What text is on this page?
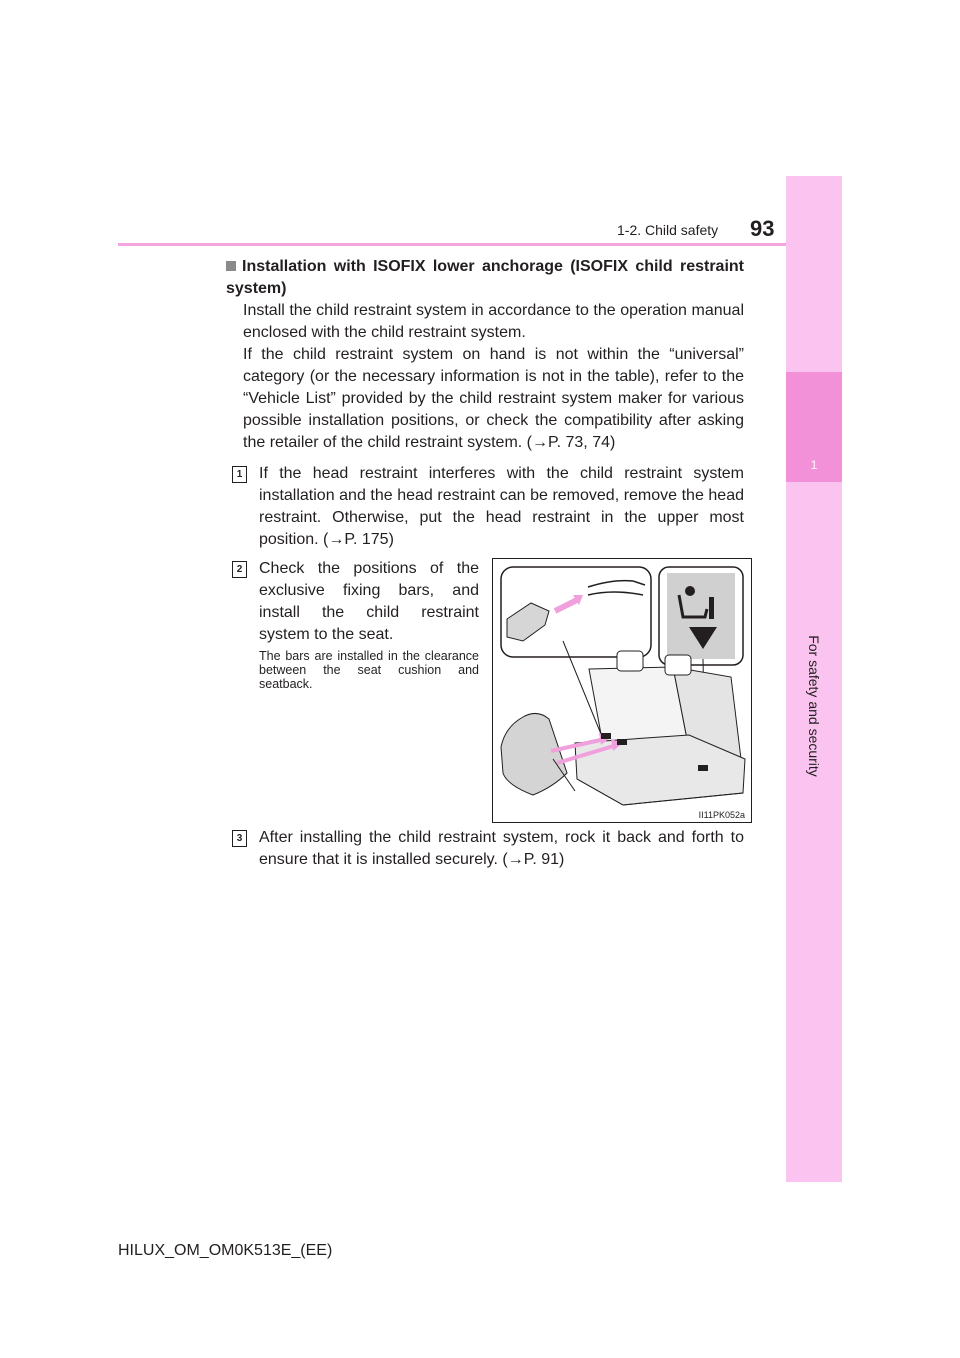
1
For safety and security
1-2. Child safety 93
Installation with ISOFIX lower anchorage (ISOFIX child restraint system)
Install the child restraint system in accordance to the operation manual enclosed with the child restraint system.
If the child restraint system on hand is not within the “universal” category (or the necessary information is not in the table), refer to the “Vehicle List” provided by the child restraint system maker for various possible installation positions, or check the compatibility after asking the retailer of the child restraint system. (→P. 73, 74)
1 If the head restraint interferes with the child restraint system installation and the head restraint can be removed, remove the head restraint. Otherwise, put the head restraint in the upper most position. (→P. 175)
2 Check the positions of the exclusive fixing bars, and install the child restraint system to the seat.
The bars are installed in the clearance between the seat cushion and seatback.
II11PK052a
3 After installing the child restraint system, rock it back and forth to ensure that it is installed securely. (→P. 91)
HILUX_OM_OM0K513E_(EE)
